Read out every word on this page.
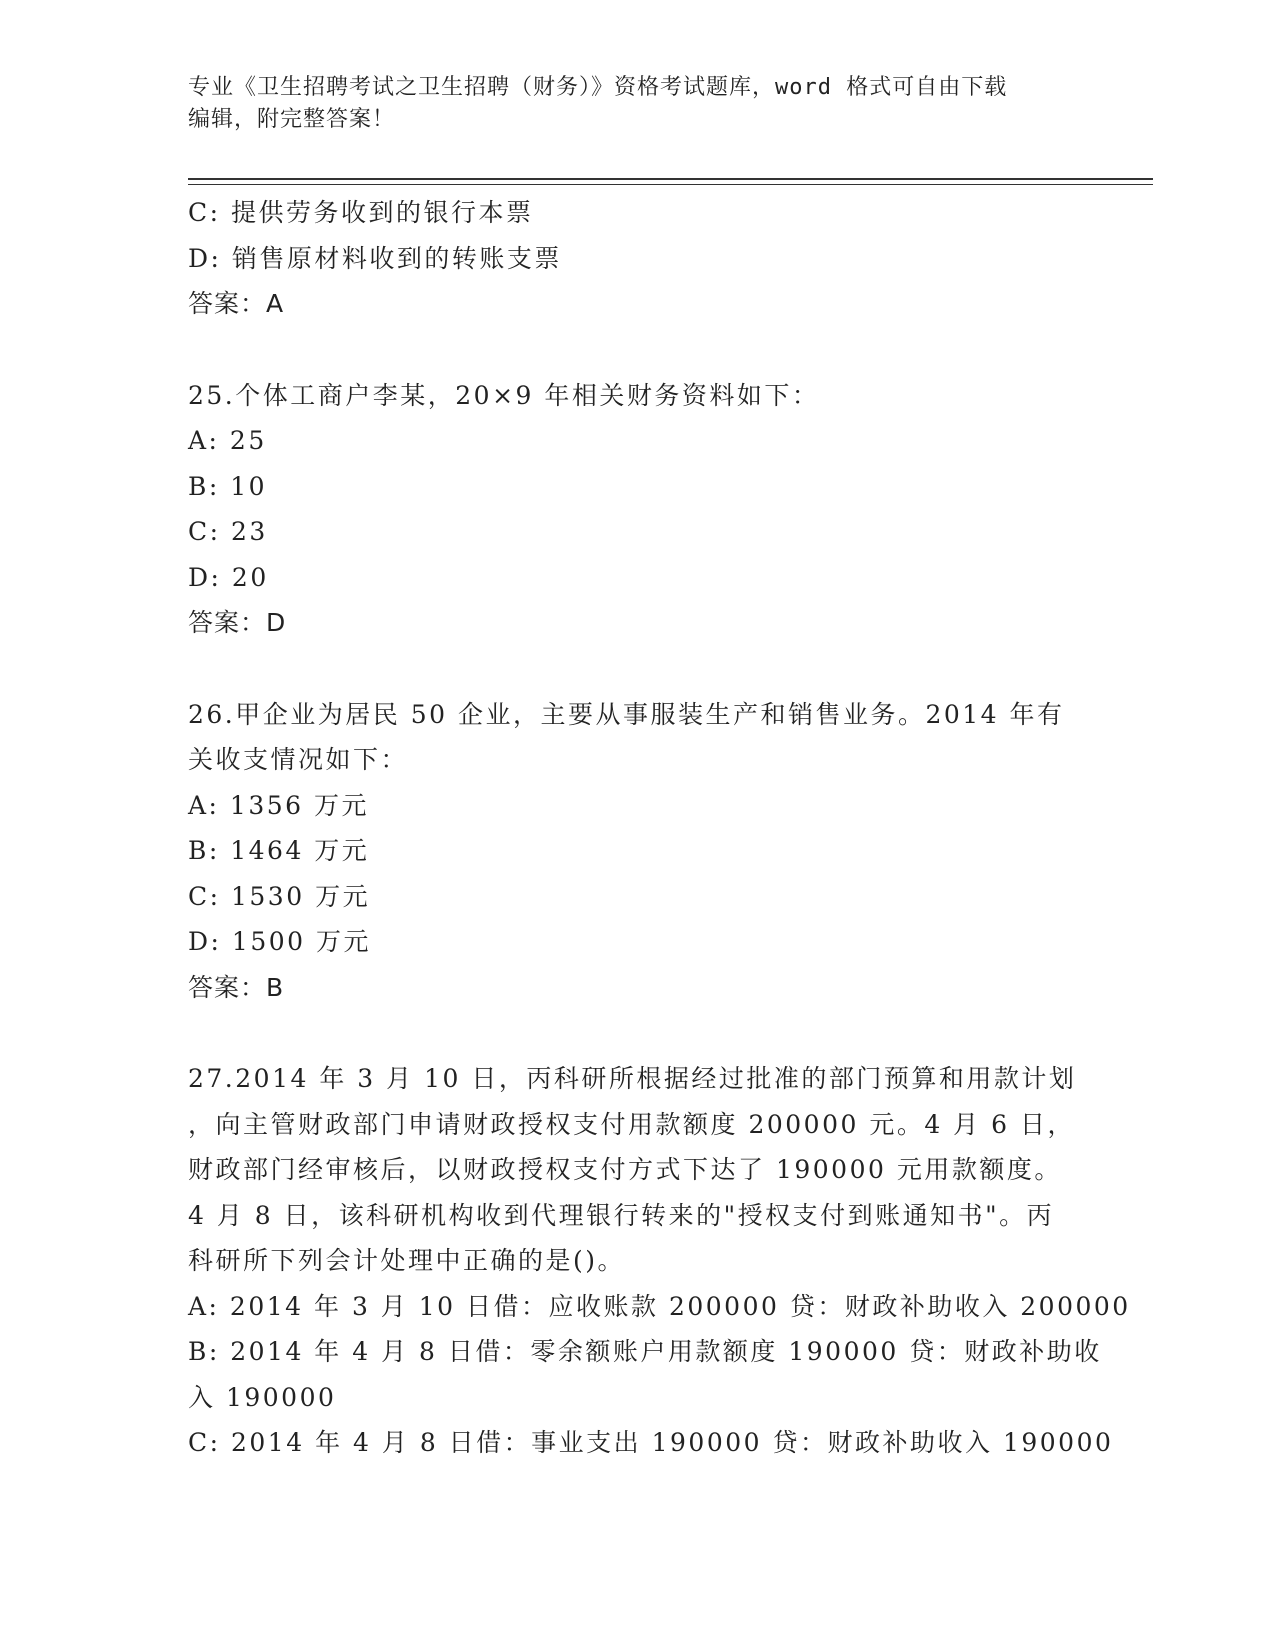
专业《卫生招聘考试之卫生招聘（财务）》资格考试题库，word 格式可自由下载
编辑，附完整答案！
C: 提供劳务收到的银行本票
D: 销售原材料收到的转账支票
答案：A
25.个体工商户李某，20×9 年相关财务资料如下：
A: 25
B: 10
C: 23
D: 20
答案：D
26.甲企业为居民 50 企业，主要从事服装生产和销售业务。2014 年有
关收支情况如下：
A: 1356 万元
B: 1464 万元
C: 1530 万元
D: 1500 万元
答案：B
27.2014 年 3 月 10 日，丙科研所根据经过批准的部门预算和用款计划
，向主管财政部门申请财政授权支付用款额度 200000 元。4 月 6 日，
财政部门经审核后，以财政授权支付方式下达了 190000 元用款额度。
4 月 8 日，该科研机构收到代理银行转来的"授权支付到账通知书"。丙
科研所下列会计处理中正确的是()。
A: 2014 年 3 月 10 日借：应收账款 200000 贷：财政补助收入 200000
B: 2014 年 4 月 8 日借：零余额账户用款额度 190000 贷：财政补助收
入 190000
C: 2014 年 4 月 8 日借：事业支出 190000 贷：财政补助收入 190000
